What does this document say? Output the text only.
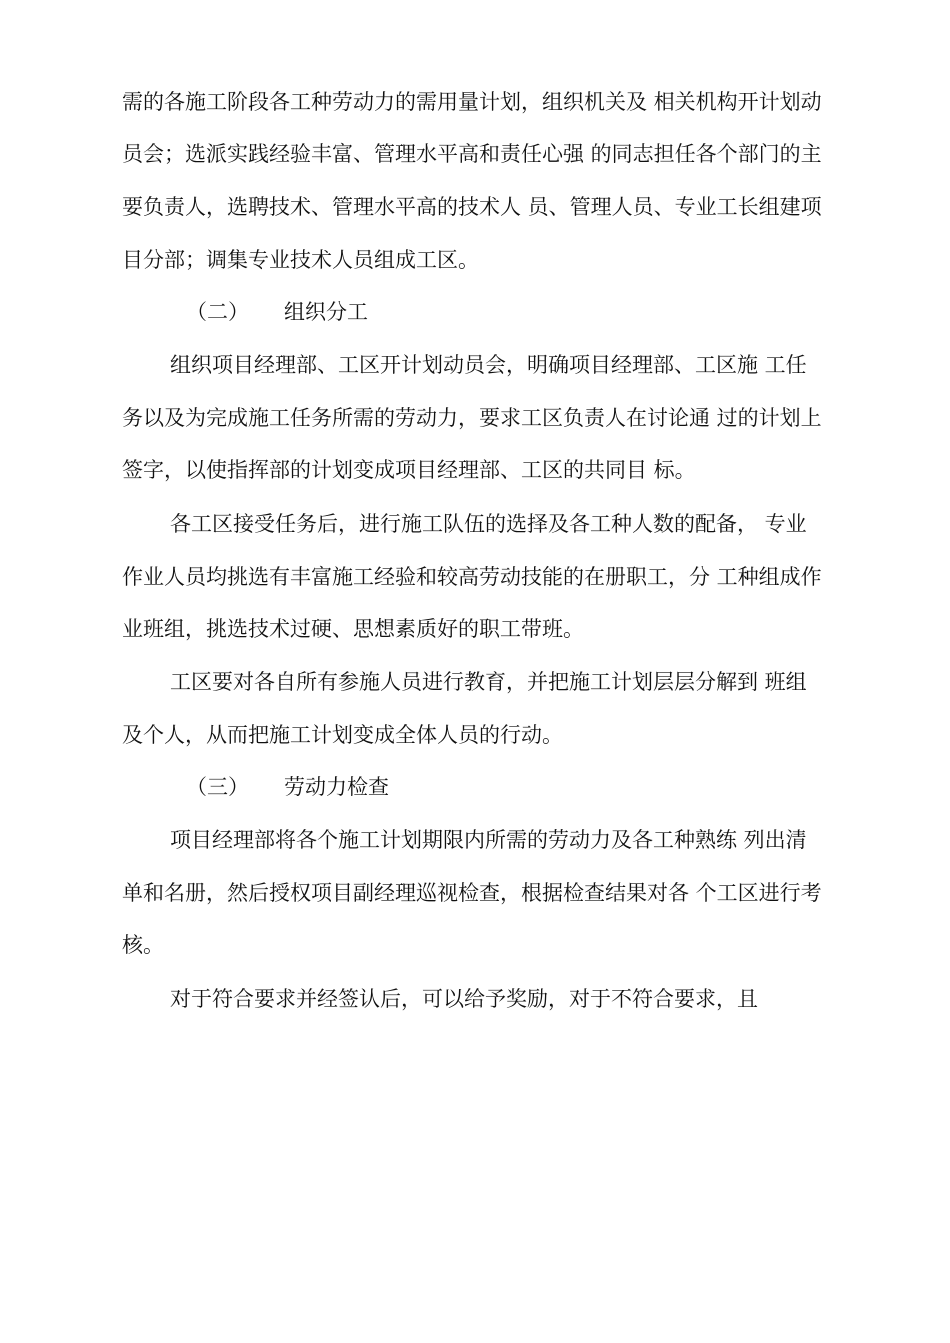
需的各施工阶段各工种劳动力的需用量计划，组织机关及 相关机构开计划动
员会；选派实践经验丰富、管理水平高和责任心强 的同志担任各个部门的主
要负责人，选聘技术、管理水平高的技术人 员、管理人员、专业工长组建项
目分部；调集专业技术人员组成工区。
（二） 组织分工
组织项目经理部、工区开计划动员会，明确项目经理部、工区施 工任
务以及为完成施工任务所需的劳动力，要求工区负责人在讨论通 过的计划上
签字，以使指挥部的计划变成项目经理部、工区的共同目 标。
各工区接受任务后，进行施工队伍的选择及各工种人数的配备， 专业
作业人员均挑选有丰富施工经验和较高劳动技能的在册职工，分 工种组成作
业班组，挑选技术过硬、思想素质好的职工带班。
工区要对各自所有参施人员进行教育，并把施工计划层层分解到 班组
及个人，从而把施工计划变成全体人员的行动。
（三） 劳动力检查
项目经理部将各个施工计划期限内所需的劳动力及各工种熟练 列出清
单和名册，然后授权项目副经理巡视检查，根据检查结果对各 个工区进行考
核。
对于符合要求并经签认后，可以给予奖励，对于不符合要求，且
